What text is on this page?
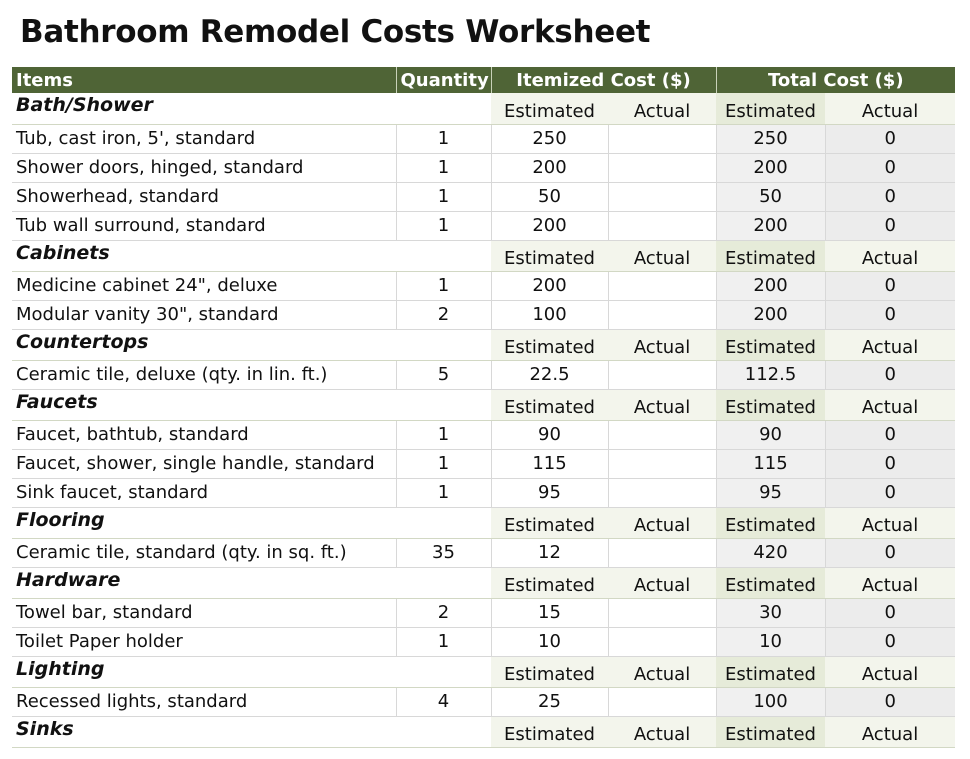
Bathroom Remodel Costs Worksheet
Items	Quantity	Itemized Cost ($)		Total Cost ($)	
Bath/Shower		Estimated	Actual	Estimated	Actual
Tub, cast iron, 5', standard	1	250		250	0
Shower doors, hinged, standard	1	200		200	0
Showerhead, standard	1	50		50	0
Tub wall surround, standard	1	200		200	0
Cabinets		Estimated	Actual	Estimated	Actual
Medicine cabinet 24", deluxe	1	200		200	0
Modular vanity 30", standard	2	100		200	0
Countertops		Estimated	Actual	Estimated	Actual
Ceramic tile, deluxe (qty. in lin. ft.)	5	22.5		112.5	0
Faucets		Estimated	Actual	Estimated	Actual
Faucet, bathtub, standard	1	90		90	0
Faucet, shower, single handle, standard	1	115		115	0
Sink faucet, standard	1	95		95	0
Flooring		Estimated	Actual	Estimated	Actual
Ceramic tile, standard (qty. in sq. ft.)	35	12		420	0
Hardware		Estimated	Actual	Estimated	Actual
Towel bar, standard	2	15		30	0
Toilet Paper holder	1	10		10	0
Lighting		Estimated	Actual	Estimated	Actual
Recessed lights, standard	4	25		100	0
Sinks		Estimated	Actual	Estimated	Actual
